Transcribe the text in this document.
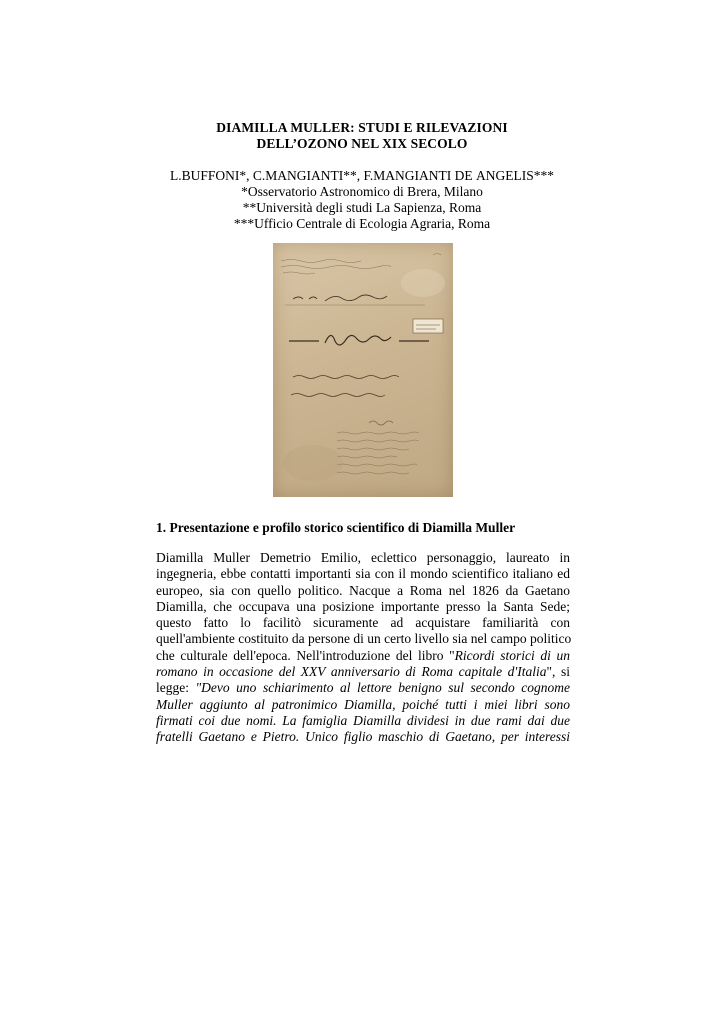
DIAMILLA MULLER: STUDI E RILEVAZIONI
DELL’OZONO NEL XIX SECOLO
L.BUFFONI*, C.MANGIANTI**, F.MANGIANTI DE ANGELIS***
*Osservatorio Astronomico di Brera, Milano
**Università degli studi La Sapienza, Roma
***Ufficio Centrale di Ecologia Agraria, Roma
1. Presentazione e profilo storico scientifico di Diamilla Muller
Diamilla Muller Demetrio Emilio, eclettico personaggio, laureato in
ingegneria, ebbe contatti importanti sia con il mondo scientifico italiano ed
europeo, sia con quello politico. Nacque a Roma nel 1826 da Gaetano
Diamilla, che occupava una posizione importante presso la Santa Sede;
questo fatto lo facilitò sicuramente ad acquistare familiarità con
quell'ambiente costituito da persone di un certo livello sia nel campo politico
che culturale dell'epoca. Nell'introduzione del libro "Ricordi storici di un
romano in occasione del XXV anniversario di Roma capitale d'Italia", si
legge: "Devo uno schiarimento al lettore benigno sul secondo cognome
Muller aggiunto al patronimico Diamilla, poiché tutti i miei libri sono
firmati coi due nomi. La famiglia Diamilla dividesi in due rami dai due
fratelli Gaetano e Pietro. Unico figlio maschio di Gaetano, per interessi
